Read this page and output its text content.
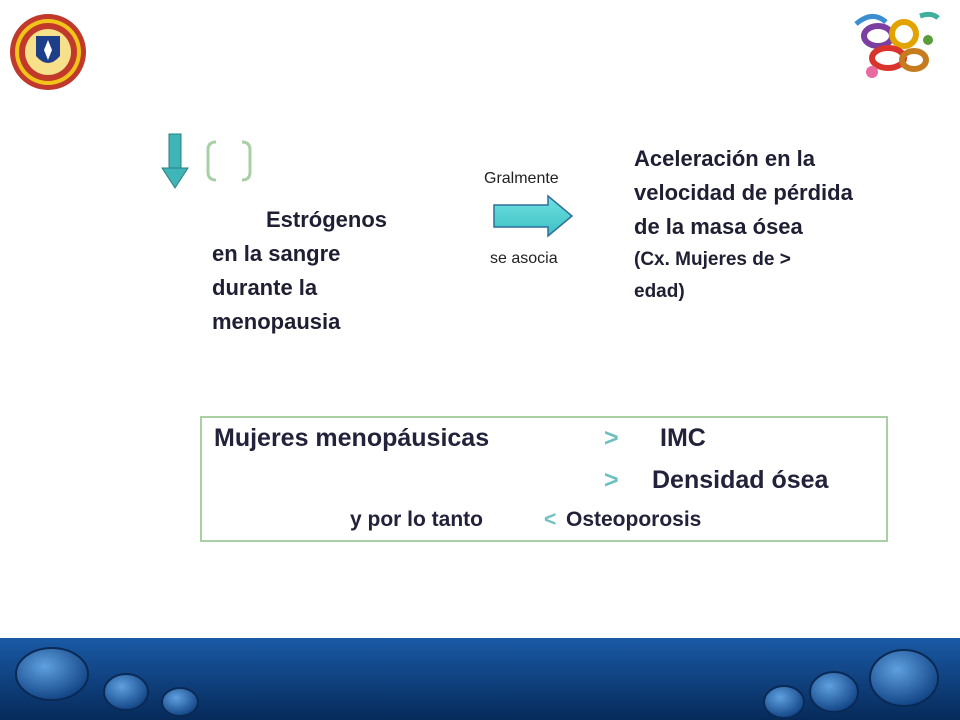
Estrógenos
en la sangre
durante la
menopausia
Gralmente
se asocia
Aceleración en la
velocidad de pérdida
de la masa ósea
(Cx. Mujeres de >
edad)
Mujeres menopáusicas	> IMC
> Densidad ósea
y por lo tanto	< Osteoporosis
